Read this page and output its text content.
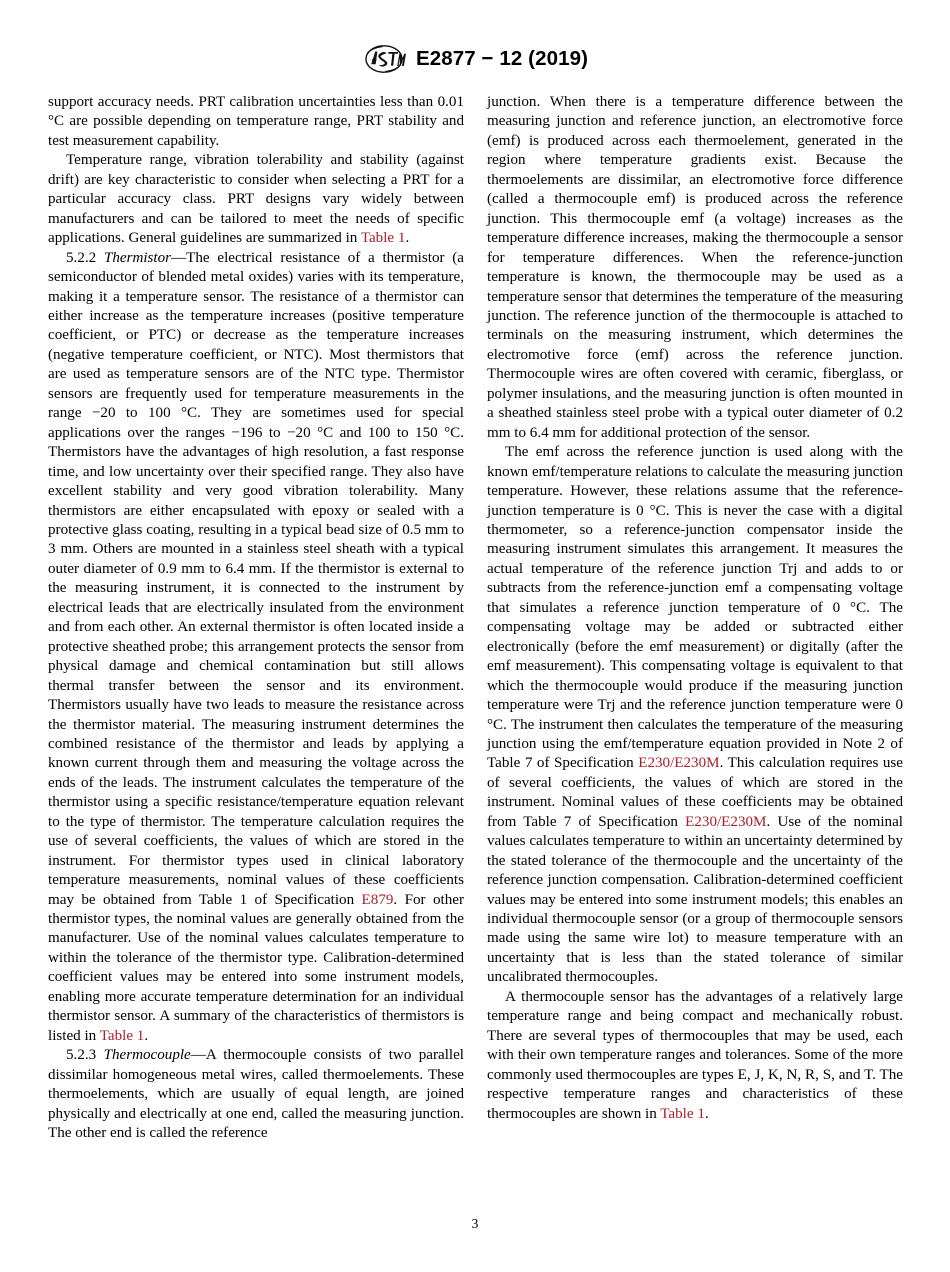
E2877 − 12 (2019)

support accuracy needs. PRT calibration uncertainties less than 0.01 °C are possible depending on temperature range, PRT stability and test measurement capability.

Temperature range, vibration tolerability and stability (against drift) are key characteristic to consider when selecting a PRT for a particular accuracy class. PRT designs vary widely between manufacturers and can be tailored to meet the needs of specific applications. General guidelines are summarized in Table 1.

5.2.2 Thermistor—The electrical resistance of a thermistor (a semiconductor of blended metal oxides) varies with its temperature, making it a temperature sensor. The resistance of a thermistor can either increase as the temperature increases (positive temperature coefficient, or PTC) or decrease as the temperature increases (negative temperature coefficient, or NTC). Most thermistors that are used as temperature sensors are of the NTC type. Thermistor sensors are frequently used for temperature measurements in the range −20 to 100 °C. They are sometimes used for special applications over the ranges −196 to −20 °C and 100 to 150 °C. Thermistors have the advantages of high resolution, a fast response time, and low uncertainty over their specified range. They also have excellent stability and very good vibration tolerability. Many thermistors are either encapsulated with epoxy or sealed with a protective glass coating, resulting in a typical bead size of 0.5 mm to 3 mm. Others are mounted in a stainless steel sheath with a typical outer diameter of 0.9 mm to 6.4 mm. If the thermistor is external to the measuring instrument, it is connected to the instrument by electrical leads that are electrically insulated from the environment and from each other. An external thermistor is often located inside a protective sheathed probe; this arrangement protects the sensor from physical damage and chemical contamination but still allows thermal transfer between the sensor and its environment. Thermistors usually have two leads to measure the resistance across the thermistor material. The measuring instrument determines the combined resistance of the thermistor and leads by applying a known current through them and measuring the voltage across the ends of the leads. The instrument calculates the temperature of the thermistor using a specific resistance/temperature equation relevant to the type of thermistor. The temperature calculation requires the use of several coefficients, the values of which are stored in the instrument. For thermistor types used in clinical laboratory temperature measurements, nominal values of these coefficients may be obtained from Table 1 of Specification E879. For other thermistor types, the nominal values are generally obtained from the manufacturer. Use of the nominal values calculates temperature to within the tolerance of the thermistor type. Calibration-determined coefficient values may be entered into some instrument models, enabling more accurate temperature determination for an individual thermistor sensor. A summary of the characteristics of thermistors is listed in Table 1.

5.2.3 Thermocouple—A thermocouple consists of two parallel dissimilar homogeneous metal wires, called thermoelements. These thermoelements, which are usually of equal length, are joined physically and electrically at one end, called the measuring junction. The other end is called the reference

junction. When there is a temperature difference between the measuring junction and reference junction, an electromotive force (emf) is produced across each thermoelement, generated in the region where temperature gradients exist. Because the thermoelements are dissimilar, an electromotive force difference (called a thermocouple emf) is produced across the reference junction. This thermocouple emf (a voltage) increases as the temperature difference increases, making the thermocouple a sensor for temperature differences. When the reference-junction temperature is known, the thermocouple may be used as a temperature sensor that determines the temperature of the measuring junction. The reference junction of the thermocouple is attached to terminals on the measuring instrument, which determines the electromotive force (emf) across the reference junction. Thermocouple wires are often covered with ceramic, fiberglass, or polymer insulations, and the measuring junction is often mounted in a sheathed stainless steel probe with a typical outer diameter of 0.2 mm to 6.4 mm for additional protection of the sensor.

The emf across the reference junction is used along with the known emf/temperature relations to calculate the measuring junction temperature. However, these relations assume that the reference-junction temperature is 0 °C. This is never the case with a digital thermometer, so a reference-junction compensator inside the measuring instrument simulates this arrangement. It measures the actual temperature of the reference junction Trj and adds to or subtracts from the reference-junction emf a compensating voltage that simulates a reference junction temperature of 0 °C. The compensating voltage may be added or subtracted either electronically (before the emf measurement) or digitally (after the emf measurement). This compensating voltage is equivalent to that which the thermocouple would produce if the measuring junction temperature were Trj and the reference junction temperature were 0 °C. The instrument then calculates the temperature of the measuring junction using the emf/temperature equation provided in Note 2 of Table 7 of Specification E230/E230M. This calculation requires use of several coefficients, the values of which are stored in the instrument. Nominal values of these coefficients may be obtained from Table 7 of Specification E230/E230M. Use of the nominal values calculates temperature to within an uncertainty determined by the stated tolerance of the thermocouple and the uncertainty of the reference junction compensation. Calibration-determined coefficient values may be entered into some instrument models; this enables an individual thermocouple sensor (or a group of thermocouple sensors made using the same wire lot) to measure temperature with an uncertainty that is less than the stated tolerance of similar uncalibrated thermocouples.

A thermocouple sensor has the advantages of a relatively large temperature range and being compact and mechanically robust. There are several types of thermocouples that may be used, each with their own temperature ranges and tolerances. Some of the more commonly used thermocouples are types E, J, K, N, R, S, and T. The respective temperature ranges and characteristics of these thermocouples are shown in Table 1.

3
